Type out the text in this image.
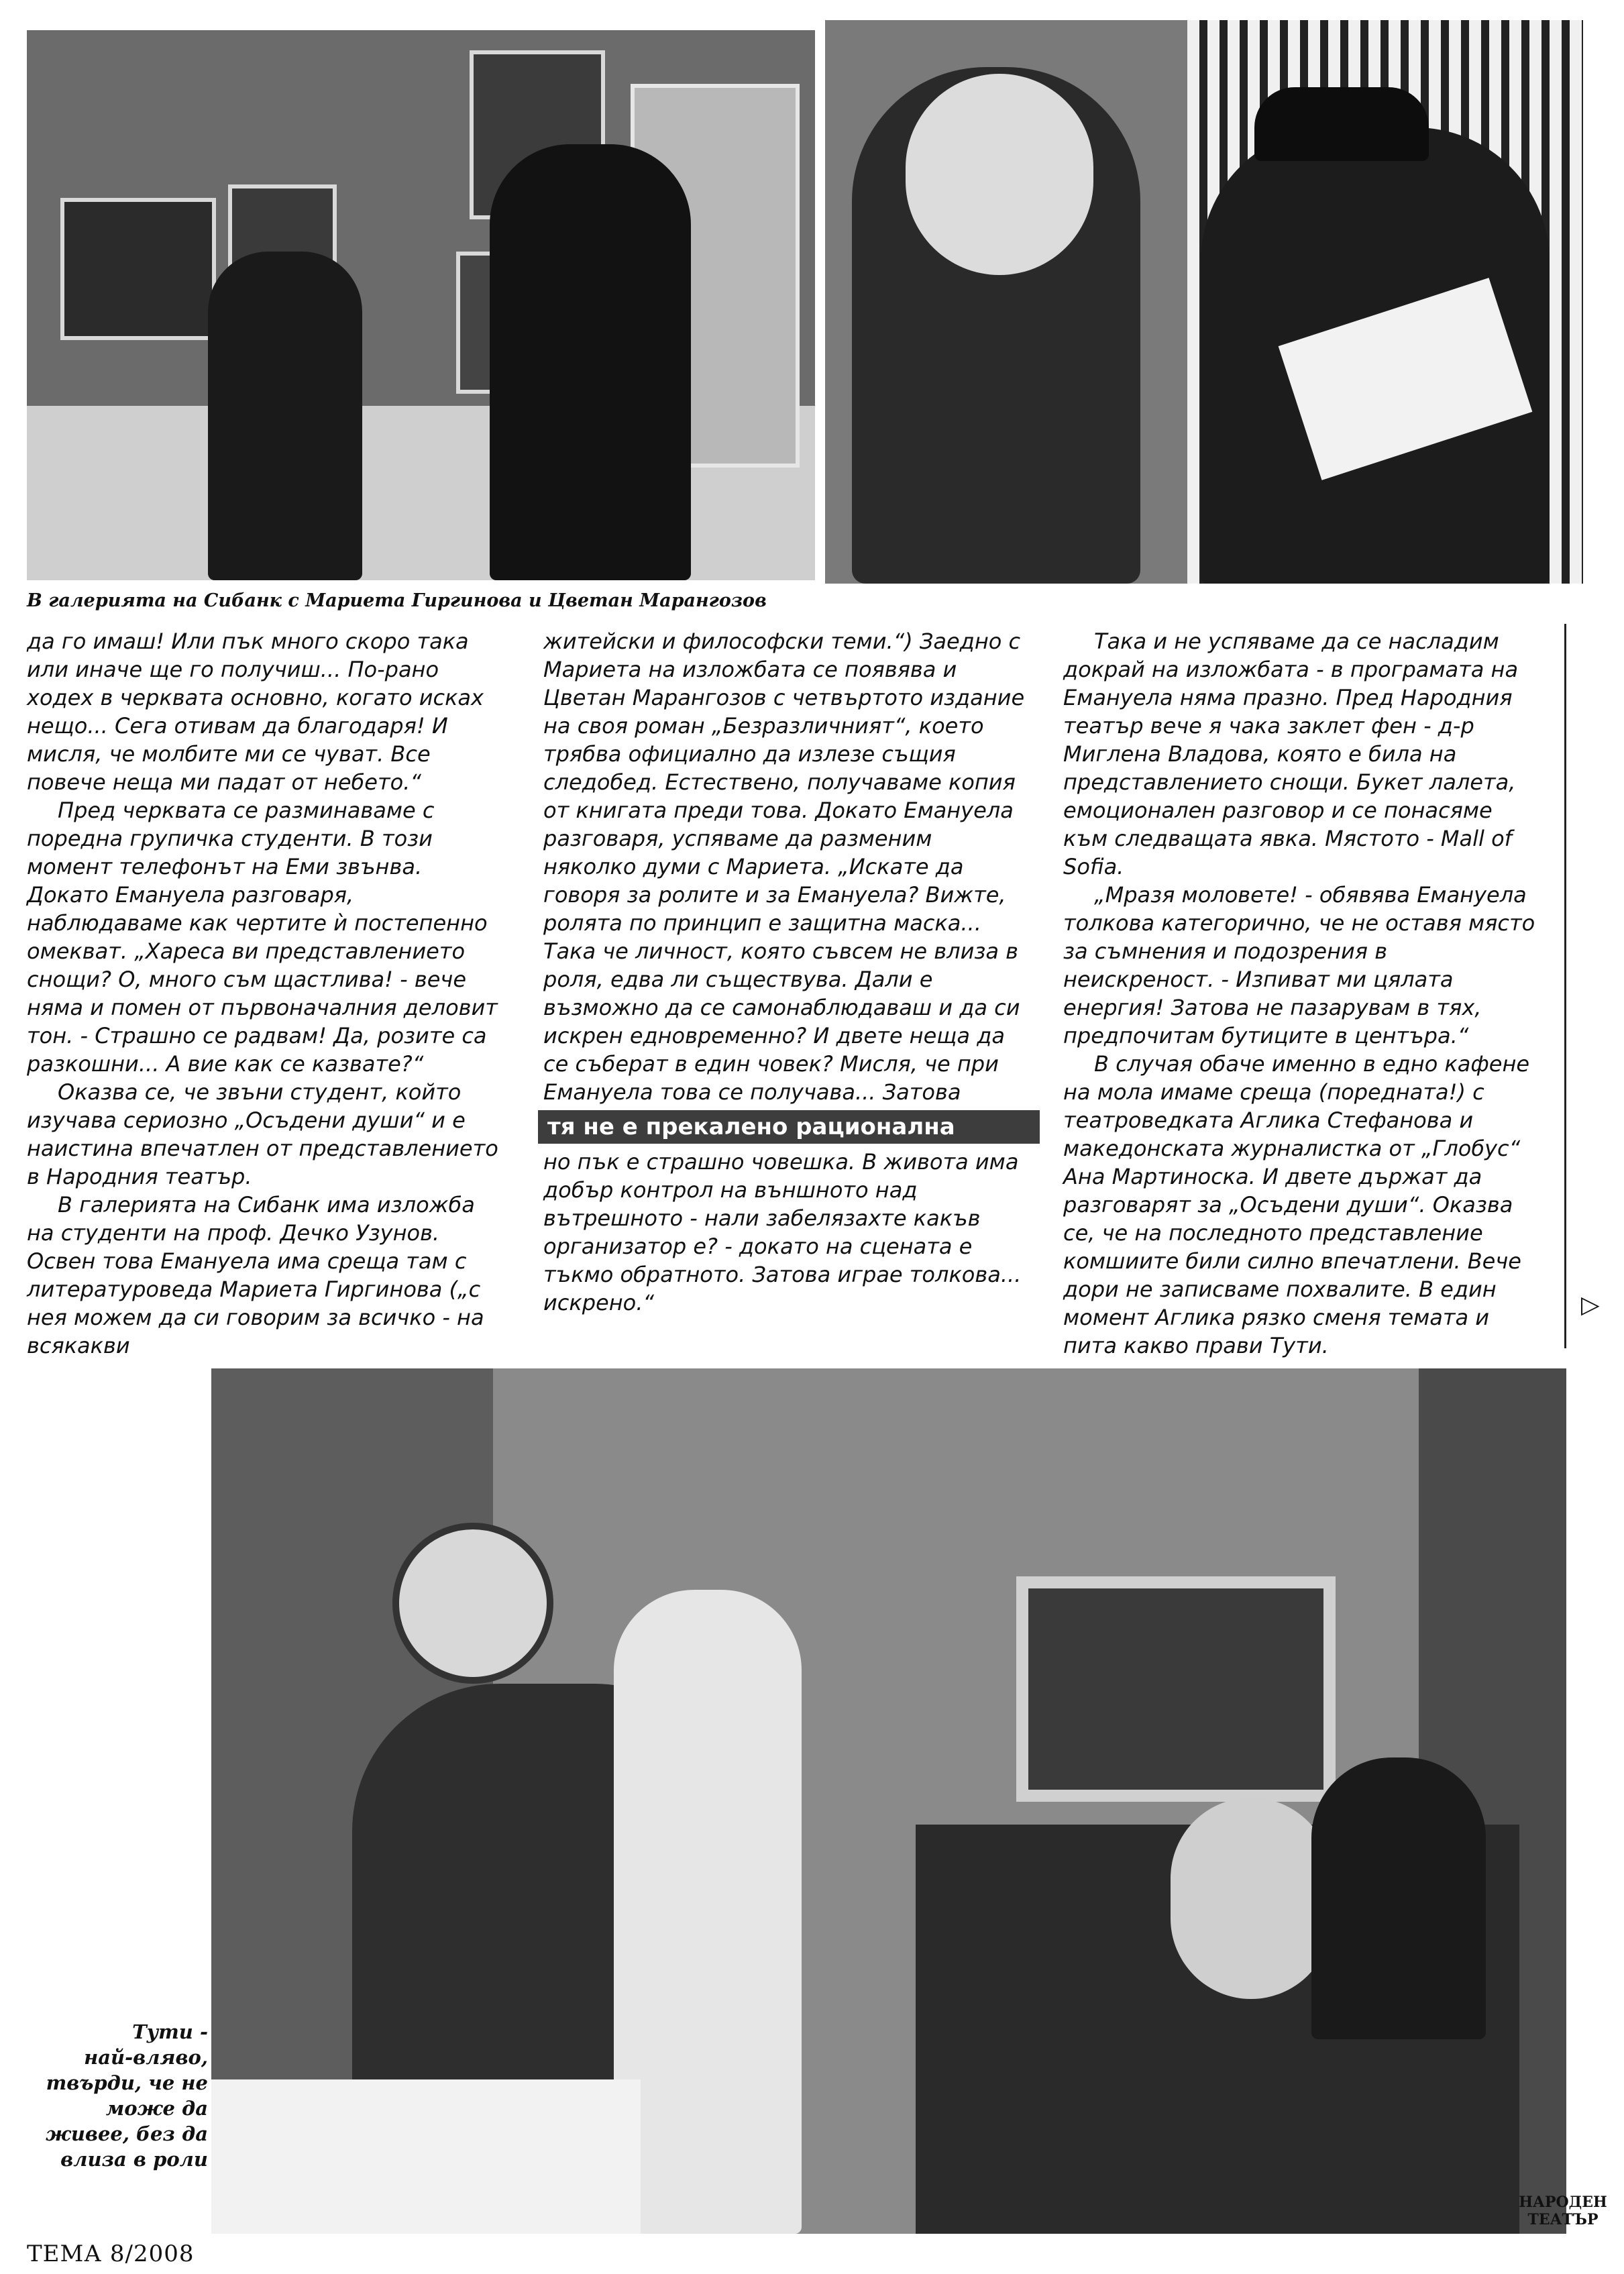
В галерията на Сибанк с Мариета Гиргинова и Цветан Марангозов

да го имаш! Или пък много скоро така или иначе ще го получиш... По-рано ходех в черквата основно, когато исках нещо... Сега отивам да благодаря! И мисля, че молбите ми се чуват. Все повече неща ми падат от небето.“

Пред черквата се разминаваме с поредна групичка студенти. В този момент телефонът на Еми звънва. Докато Емануела разговаря, наблюдаваме как чертите ѝ постепенно омекват. „Хареса ви представлението снощи? О, много съм щастлива! - вече няма и помен от първоначалния деловит тон. - Страшно се радвам! Да, розите са разкошни... А вие как се казвате?“

Оказва се, че звъни студент, който изучава сериозно „Осъдени души“ и е наистина впечатлен от представлението в Народния театър.

В галерията на Сибанк има изложба на студенти на проф. Дечко Узунов. Освен това Емануела има среща там с литературоведа Мариета Гиргинова („с нея можем да си говорим за всичко - на всякакви

житейски и философски теми.“) Заедно с Мариета на изложбата се появява и Цветан Марангозов с четвъртото издание на своя роман „Безразличният“, което трябва официално да излезе същия следобед. Естествено, получаваме копия от книгата преди това. Докато Емануела разговаря, успяваме да разменим няколко думи с Мариета. „Искате да говоря за ролите и за Емануела? Вижте, ролята по принцип е защитна маска... Така че личност, която съвсем не влиза в роля, едва ли съществува. Дали е възможно да се самонаблюдаваш и да си искрен едновременно? И двете неща да се съберат в един човек? Мисля, че при Емануела това се получава... Затова

тя не е прекалено рационална

но пък е страшно човешка. В живота има добър контрол на външното над вътрешното - нали забелязахте какъв организатор е? - докато на сцената е тъкмо обратното. Затова играе толкова... искрено.“

Така и не успяваме да се насладим докрай на изложбата - в програмата на Емануела няма празно. Пред Народния театър вече я чака заклет фен - д-р Миглена Владова, която е била на представлението снощи. Букет лалета, емоционален разговор и се понасяме към следващата явка. Мястото - Mall of Sofia.

„Мразя моловете! - обявява Емануела толкова категорично, че не оставя място за съмнения и подозрения в неискреност. - Изпиват ми цялата енергия! Затова не пазарувам в тях, предпочитам бутиците в центъра.“

В случая обаче именно в едно кафене на мола имаме среща (поредната!) с театроведката Аглика Стефанова и македонската журналистка от „Глобус“ Ана Мартиноска. И двете държат да разговарят за „Осъдени души“. Оказва се, че на последното представление комшиите били силно впечатлени. Вече дори не записваме похвалите. В един момент Аглика рязко сменя темата и пита какво прави Тути.

▷
Тути -
най-вляво,
твърди, че не
може да
живее, без да
влиза в роли
ТЕМА 8/2008
НАРОДЕН
ТЕАТЪР
